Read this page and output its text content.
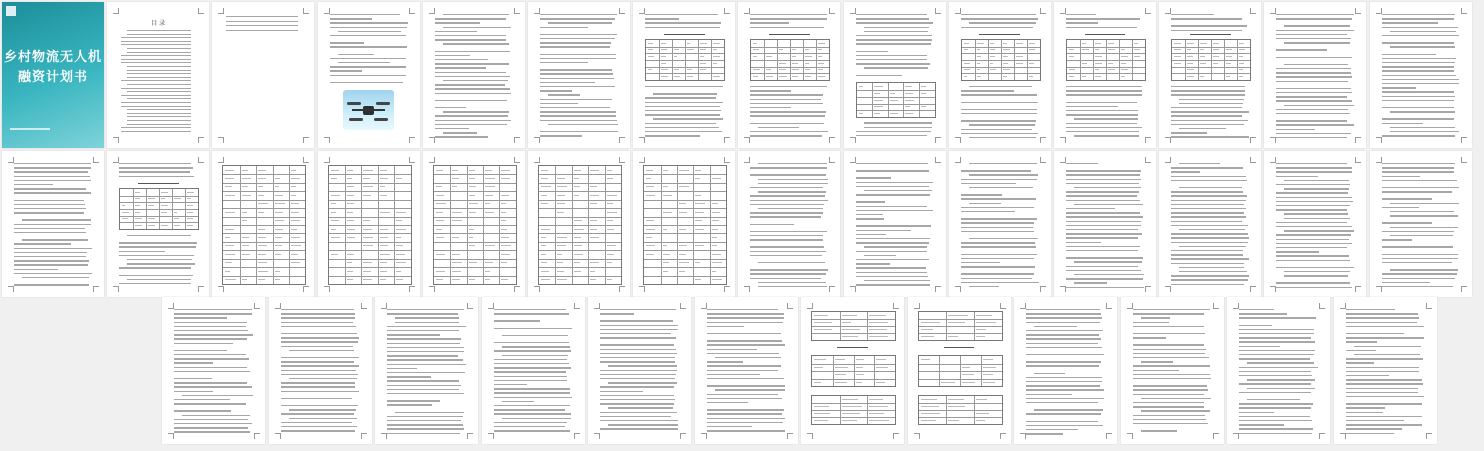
乡村物流无人机
融资计划书
目 录
